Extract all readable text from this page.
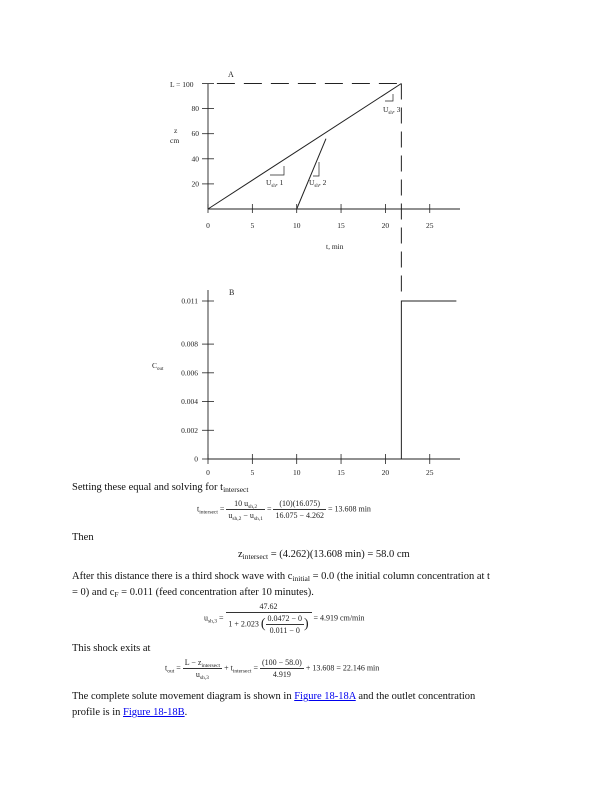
A
L = 100
z
cm
t, min
$U_{sh}$, 1	$U_{sh}$, 2
$U_{sh}$, 3
80
60
40
20
0	5	10	15	20	25
B
$C_{out}$
0.011
0.008
0.006
0.004
0.002
0
0	5	10	15	20	25
Setting these equal and solving for $t_{intersect}$
$t_{intersect} = \frac{10 u_{sh,2}}{u_{sh,2} - u_{sh,1}} = \frac{(10)(16.075)}{16.075 - 4.262} = 13.608$ min
Then
$z_{intersect} = (4.262)(13.608$ min) = 58.0 cm
After this distance there is a third shock wave with $c_{initial} = 0.0$ (the initial column concentration at t
= 0) and $c_F = 0.011$ (feed concentration after 10 minutes).
$u_{sh,3} = \frac{47.62}{1 + 2.023 ( \frac{0.0472 - 0}{0.011 - 0} )} = 4.919$ cm/min
This shock exits at
$t_{out} = \frac{L - z_{intersect}}{u_{sh,3}} + t_{intersect} = \frac{(100 - 58.0)}{4.919} + 13.608 = 22.146$ min
The complete solute movement diagram is shown in Figure 18-18A and the outlet concentration
profile is in Figure 18-18B.
